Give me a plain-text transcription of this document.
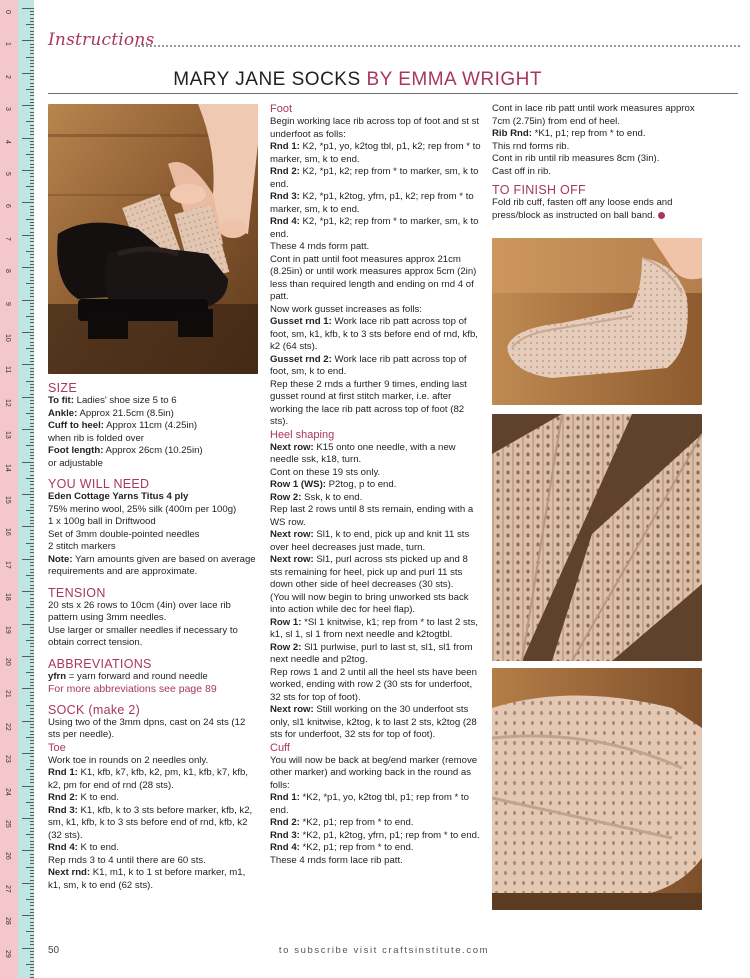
0
1
2
3
4
5
6
7
8
9
10
11
12
13
14
15
16
17
18
19
20
21
22
23
24
25
26
27
28
29
Instructions
MARY JANE SOCKS BY EMMA WRIGHT
SIZE

To fit: Ladies' shoe size 5 to 6

Ankle: Approx 21.5cm (8.5in)

Cuff to heel: Approx 11cm (4.25in)

when rib is folded over

Foot length: Approx 26cm (10.25in)

or adjustable

YOU WILL NEED

Eden Cottage Yarns Titus 4 ply

75% merino wool, 25% silk (400m per 100g)

1 x 100g ball in Driftwood

Set of 3mm double-pointed needles

2 stitch markers

Note: Yarn amounts given are based on average requirements and are approximate.

TENSION

20 sts x 26 rows to 10cm (4in) over lace rib pattern using 3mm needles.

Use larger or smaller needles if necessary to obtain correct tension.

ABBREVIATIONS

yfrn = yarn forward and round needle

For more abbreviations see page 89

SOCK (make 2)

Using two of the 3mm dpns, cast on 24 sts (12 sts per needle).

Toe

Work toe in rounds on 2 needles only.

Rnd 1: K1, kfb, k7, kfb, k2, pm, k1, kfb, k7, kfb, k2, pm for end of rnd (28 sts).

Rnd 2: K to end.

Rnd 3: K1, kfb, k to 3 sts before marker, kfb, k2, sm, k1, kfb, k to 3 sts before end of rnd, kfb, k2 (32 sts).

Rnd 4: K to end.

Rep rnds 3 to 4 until there are 60 sts.

Next rnd: K1, m1, k to 1 st before marker, m1, k1, sm, k to end (62 sts).

Foot

Begin working lace rib across top of foot and st st underfoot as folls:

Rnd 1: K2, *p1, yo, k2tog tbl, p1, k2; rep from * to marker, sm, k to end.

Rnd 2: K2, *p1, k2; rep from * to marker, sm, k to end.

Rnd 3: K2, *p1, k2tog, yfrn, p1, k2; rep from * to marker, sm, k to end.

Rnd 4: K2, *p1, k2; rep from * to marker, sm, k to end.

These 4 rnds form patt.

Cont in patt until foot measures approx 21cm (8.25in) or until work measures approx 5cm (2in) less than required length and ending on rnd 4 of patt.

Now work gusset increases as folls:

Gusset rnd 1: Work lace rib patt across top of foot, sm, k1, kfb, k to 3 sts before end of rnd, kfb, k2 (64 sts).

Gusset rnd 2: Work lace rib patt across top of foot, sm, k to end.

Rep these 2 rnds a further 9 times, ending last gusset round at first stitch marker, i.e. after working the lace rib patt across top of foot (82 sts).

Heel shaping

Next row: K15 onto one needle, with a new needle ssk, k18, turn.

Cont on these 19 sts only.

Row 1 (WS): P2tog, p to end.

Row 2: Ssk, k to end.

Rep last 2 rows until 8 sts remain, ending with a WS row.

Next row: Sl1, k to end, pick up and knit 11 sts over heel decreases just made, turn.

Next row: Sl1, purl across sts picked up and 8 sts remaining for heel, pick up and purl 11 sts down other side of heel decreases (30 sts).

(You will now begin to bring unworked sts back into action while dec for heel flap).

Row 1: *Sl 1 knitwise, k1; rep from * to last 2 sts, k1, sl 1, sl 1 from next needle and k2togtbl.

Row 2: Sl1 purlwise, purl to last st, sl1, sl1 from next needle and p2tog.

Rep rows 1 and 2 until all the heel sts have been worked, ending with row 2 (30 sts for underfoot, 32 sts for top of foot).

Next row: Still working on the 30 underfoot sts only, sl1 knitwise, k2tog, k to last 2 sts, k2tog (28 sts for underfoot, 32 sts for top of foot).

Cuff

You will now be back at beg/end marker (remove other marker) and working back in the round as folls:

Rnd 1: *K2, *p1, yo, k2tog tbl, p1; rep from * to end.

Rnd 2: *K2, p1; rep from * to end.

Rnd 3: *K2, p1, k2tog, yfrn, p1; rep from * to end.

Rnd 4: *K2, p1; rep from * to end.

These 4 rnds form lace rib patt.

Cont in lace rib patt until work measures approx 7cm (2.75in) from end of heel.

Rib Rnd: *K1, p1; rep from * to end.

This rnd forms rib.

Cont in rib until rib measures 8cm (3in).

Cast off in rib.

TO FINISH OFF

Fold rib cuff, fasten off any loose ends and press/block as instructed on ball band.

50	to subscribe visit craftsinstitute.com
